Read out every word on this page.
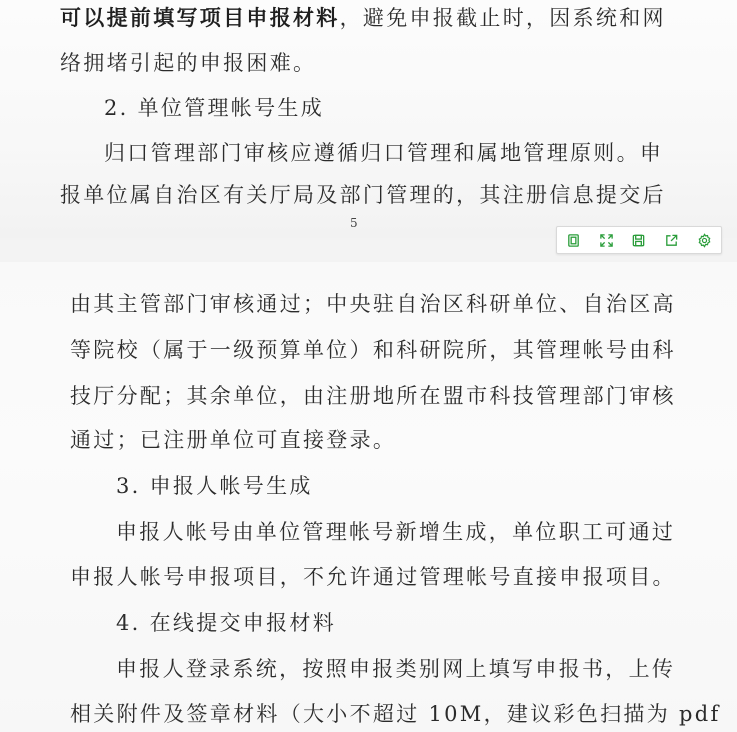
可以提前填写项目申报材料，避免申报截止时，因系统和网
络拥堵引起的申报困难。
2. 单位管理帐号生成
归口管理部门审核应遵循归口管理和属地管理原则。申
报单位属自治区有关厅局及部门管理的，其注册信息提交后
5
由其主管部门审核通过；中央驻自治区科研单位、自治区高
等院校（属于一级预算单位）和科研院所，其管理帐号由科
技厅分配；其余单位，由注册地所在盟市科技管理部门审核
通过；已注册单位可直接登录。
3. 申报人帐号生成
申报人帐号由单位管理帐号新增生成，单位职工可通过
申报人帐号申报项目，不允许通过管理帐号直接申报项目。
4. 在线提交申报材料
申报人登录系统，按照申报类别网上填写申报书，上传
相关附件及签章材料（大小不超过 10M，建议彩色扫描为 pdf
